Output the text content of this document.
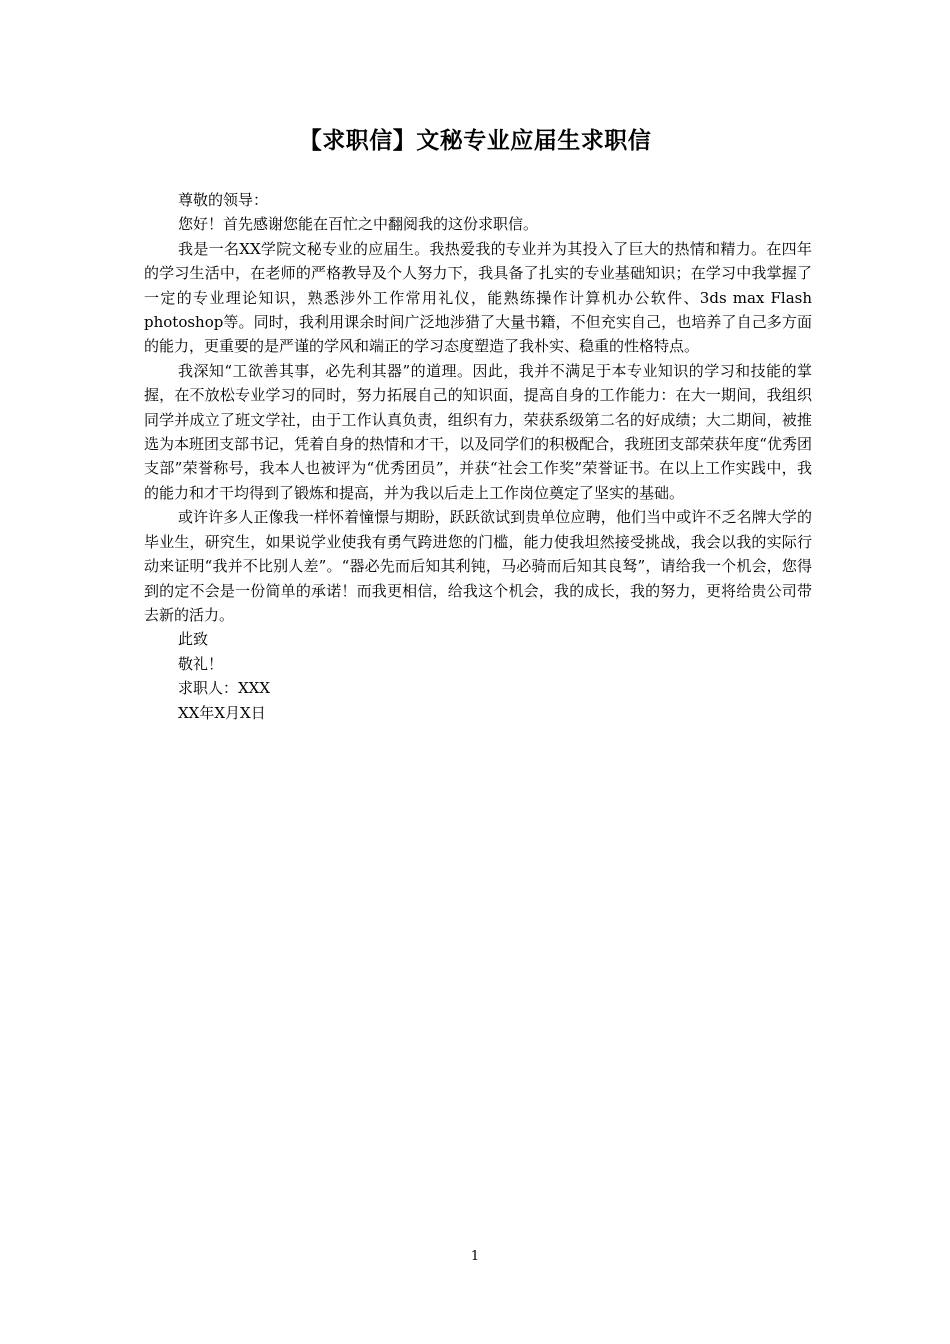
【求职信】文秘专业应届生求职信

尊敬的领导：

您好！首先感谢您能在百忙之中翻阅我的这份求职信。

我是一名XX学院文秘专业的应届生。我热爱我的专业并为其投入了巨大的热情和精力。在四年的学习生活中，在老师的严格教导及个人努力下，我具备了扎实的专业基础知识；在学习中我掌握了一定的专业理论知识，熟悉涉外工作常用礼仪，能熟练操作计算机办公软件、3ds max Flash photoshop等。同时，我利用课余时间广泛地涉猎了大量书籍，不但充实自己，也培养了自己多方面的能力，更重要的是严谨的学风和端正的学习态度塑造了我朴实、稳重的性格特点。

我深知“工欲善其事，必先利其器”的道理。因此，我并不满足于本专业知识的学习和技能的掌握，在不放松专业学习的同时，努力拓展自己的知识面，提高自身的工作能力：在大一期间，我组织同学并成立了班文学社，由于工作认真负责，组织有力，荣获系级第二名的好成绩；大二期间，被推选为本班团支部书记，凭着自身的热情和才干，以及同学们的积极配合，我班团支部荣获年度“优秀团支部”荣誉称号，我本人也被评为“优秀团员”，并获“社会工作奖”荣誉证书。在以上工作实践中，我的能力和才干均得到了锻炼和提高，并为我以后走上工作岗位奠定了坚实的基础。

或许许多人正像我一样怀着憧憬与期盼，跃跃欲试到贵单位应聘，他们当中或许不乏名牌大学的毕业生，研究生，如果说学业使我有勇气跨进您的门槛，能力使我坦然接受挑战，我会以我的实际行动来证明“我并不比别人差”。“器必先而后知其利钝，马必骑而后知其良驽”，请给我一个机会，您得到的定不会是一份简单的承诺！而我更相信，给我这个机会，我的成长，我的努力，更将给贵公司带去新的活力。

此致

敬礼！

求职人：XXX

XX年X月X日

1
